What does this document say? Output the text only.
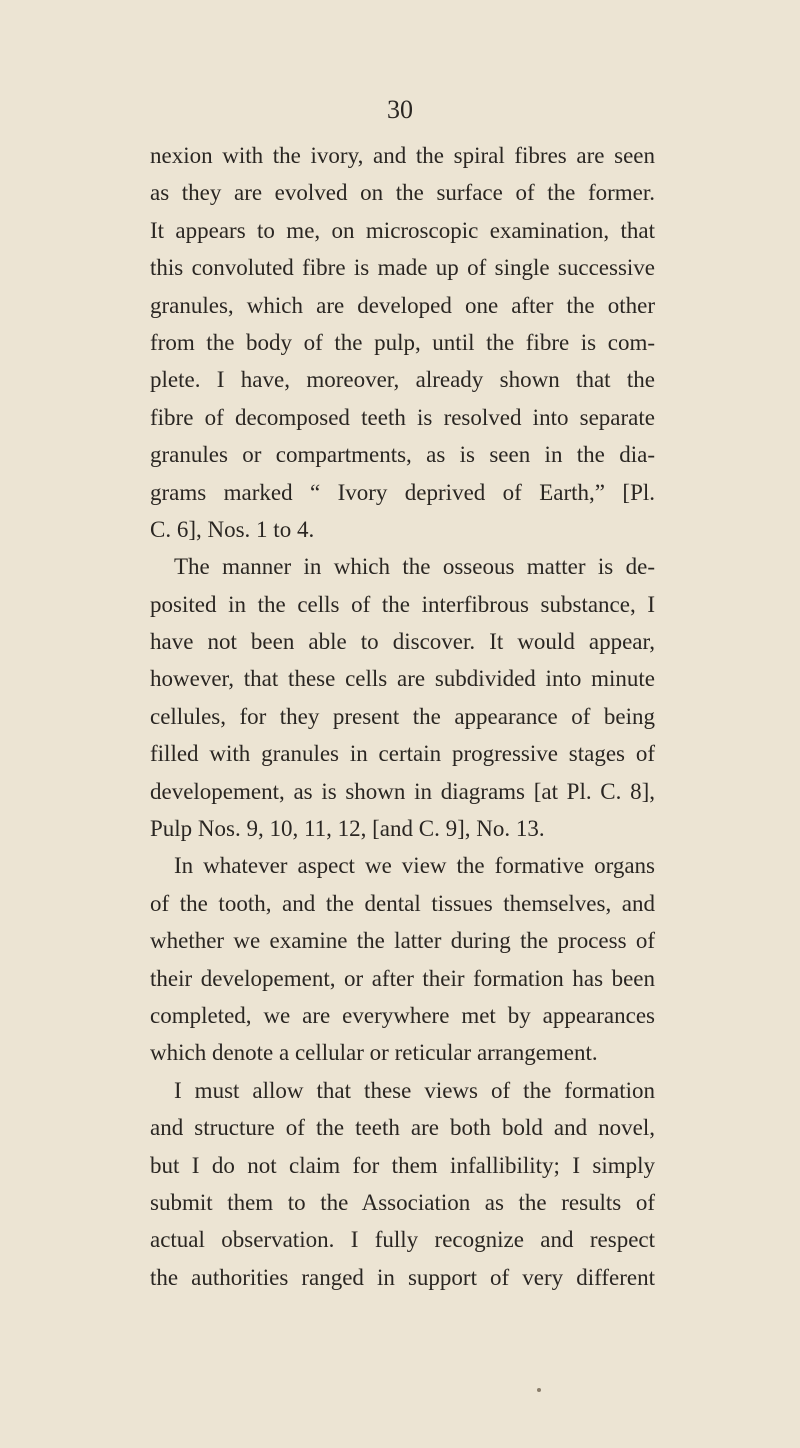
30
nexion with the ivory, and the spiral fibres are seen
as they are evolved on the surface of the former.
It appears to me, on microscopic examination, that
this convoluted fibre is made up of single successive
granules, which are developed one after the other
from the body of the pulp, until the fibre is com-
plete. I have, moreover, already shown that the
fibre of decomposed teeth is resolved into separate
granules or compartments, as is seen in the dia-
grams marked “ Ivory deprived of Earth,” [Pl.
C. 6], Nos. 1 to 4.
The manner in which the osseous matter is de-
posited in the cells of the interfibrous substance, I
have not been able to discover. It would appear,
however, that these cells are subdivided into minute
cellules, for they present the appearance of being
filled with granules in certain progressive stages of
developement, as is shown in diagrams [at Pl. C. 8],
Pulp Nos. 9, 10, 11, 12, [and C. 9], No. 13.
In whatever aspect we view the formative organs
of the tooth, and the dental tissues themselves, and
whether we examine the latter during the process of
their developement, or after their formation has been
completed, we are everywhere met by appearances
which denote a cellular or reticular arrangement.
I must allow that these views of the formation
and structure of the teeth are both bold and novel,
but I do not claim for them infallibility; I simply
submit them to the Association as the results of
actual observation. I fully recognize and respect
the authorities ranged in support of very different
